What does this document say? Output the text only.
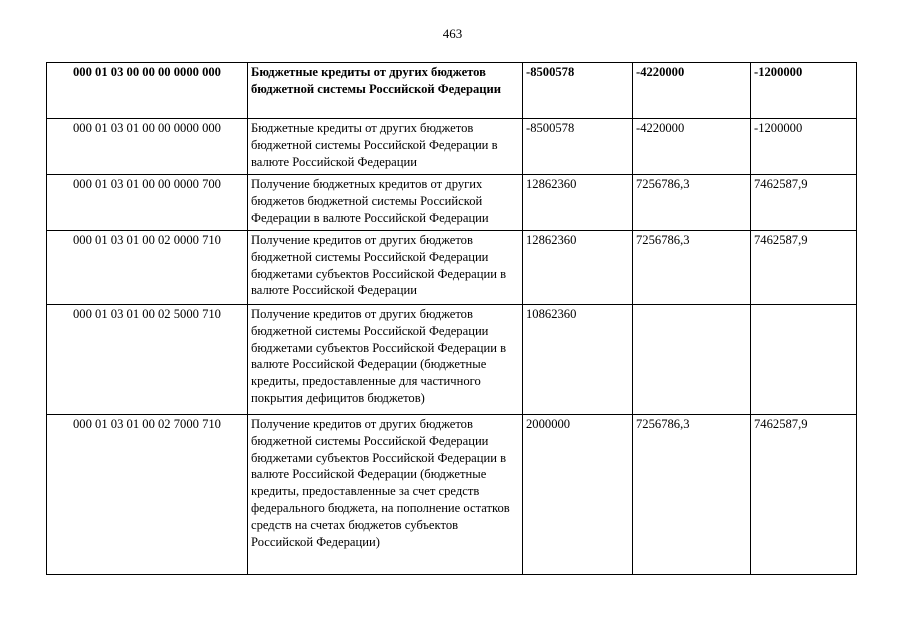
463
000 01 03 00 00 00 0000 000	Бюджетные кредиты от других бюджетов бюджетной системы Российской Федерации	-8500578	-4220000	-1200000
000 01 03 01 00 00 0000 000	Бюджетные кредиты от других бюджетов бюджетной системы Российской Федерации в валюте Российской Федерации	-8500578	-4220000	-1200000
000 01 03 01 00 00 0000 700	Получение бюджетных кредитов от других бюджетов бюджетной системы Российской Федерации в валюте Российской Федерации	12862360	7256786,3	7462587,9
000 01 03 01 00 02 0000 710	Получение кредитов от других бюджетов бюджетной системы Российской Федерации бюджетами субъектов Российской Федерации в валюте Российской Федерации	12862360	7256786,3	7462587,9
000 01 03 01 00 02 5000 710	Получение кредитов от других бюджетов бюджетной системы Российской Федерации бюджетами субъектов Российской Федерации в валюте Российской Федерации (бюджетные кредиты, предоставленные для частичного покрытия дефицитов бюджетов)	10862360		
000 01 03 01 00 02 7000 710	Получение кредитов от других бюджетов бюджетной системы Российской Федерации бюджетами субъектов Российской Федерации в валюте Российской Федерации (бюджетные кредиты, предоставленные за счет средств федерального бюджета, на пополнение остатков средств на счетах бюджетов субъектов Российской Федерации)	2000000	7256786,3	7462587,9
